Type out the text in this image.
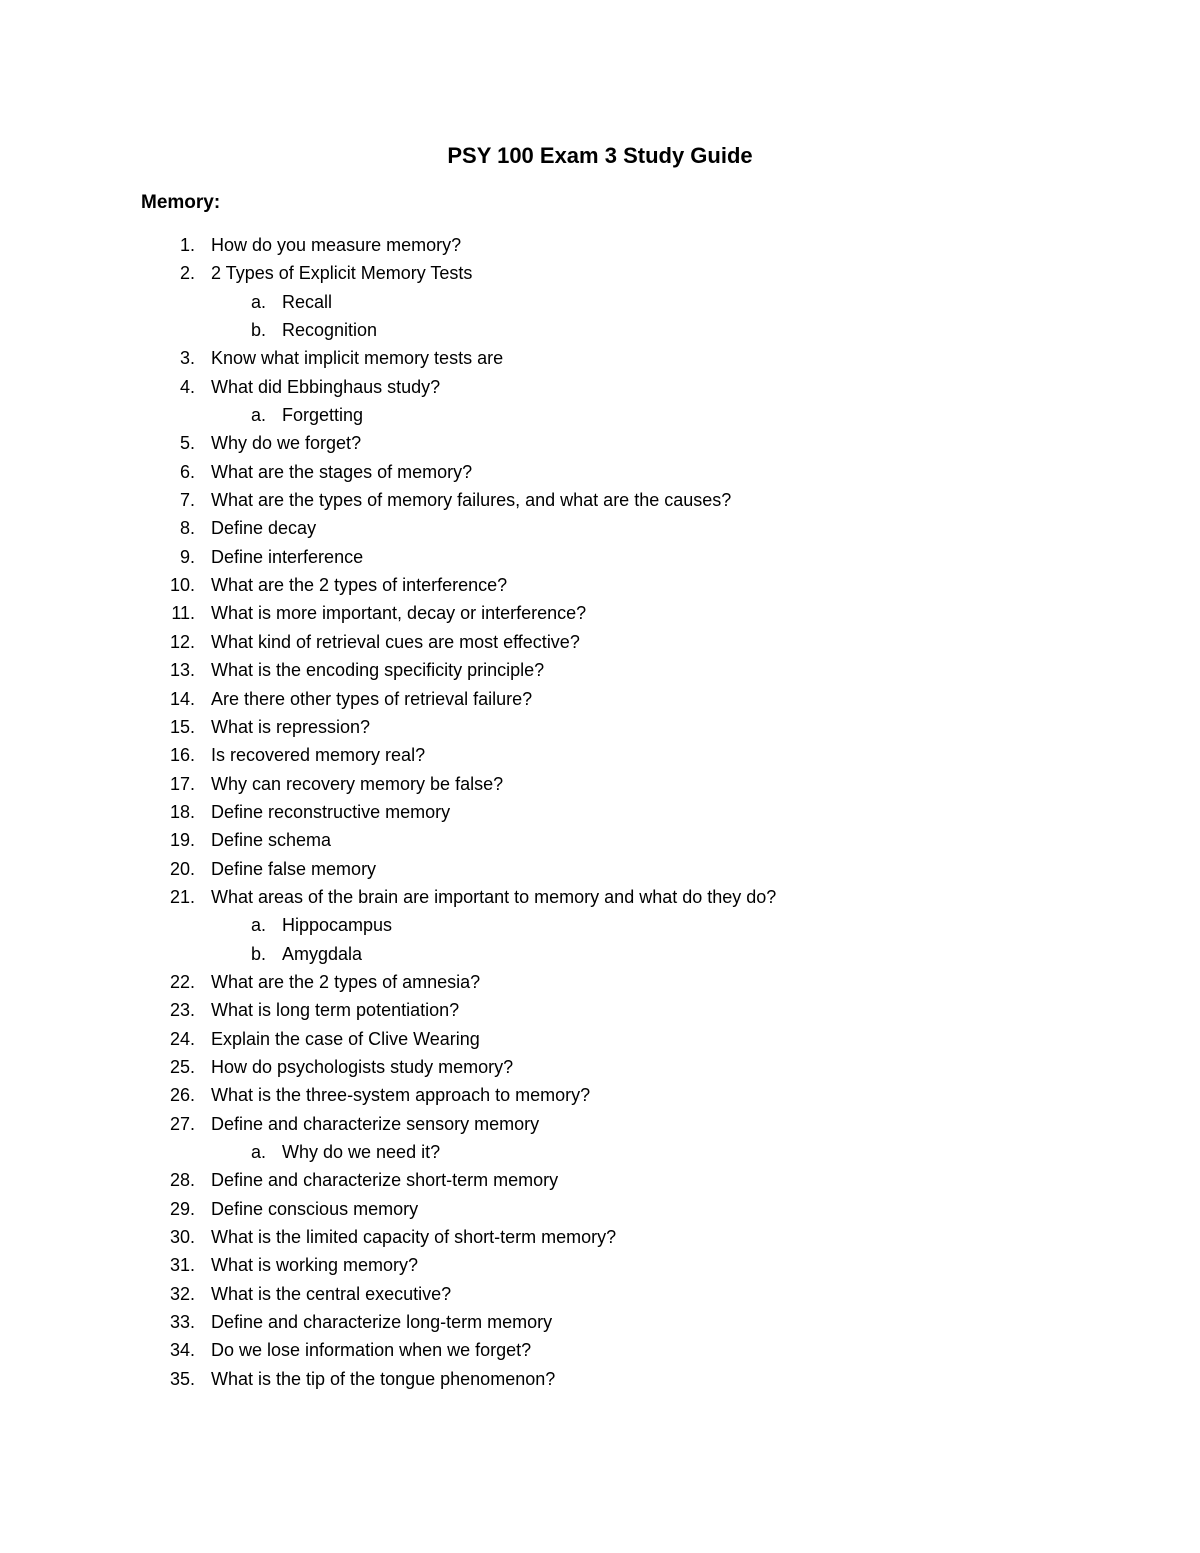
PSY 100 Exam 3 Study Guide
Memory:
1. How do you measure memory?
2. 2 Types of Explicit Memory Tests
a. Recall
b. Recognition
3. Know what implicit memory tests are
4. What did Ebbinghaus study?
a. Forgetting
5. Why do we forget?
6. What are the stages of memory?
7. What are the types of memory failures, and what are the causes?
8. Define decay
9. Define interference
10. What are the 2 types of interference?
11. What is more important, decay or interference?
12. What kind of retrieval cues are most effective?
13. What is the encoding specificity principle?
14. Are there other types of retrieval failure?
15. What is repression?
16. Is recovered memory real?
17. Why can recovery memory be false?
18. Define reconstructive memory
19. Define schema
20. Define false memory
21. What areas of the brain are important to memory and what do they do?
a. Hippocampus
b. Amygdala
22. What are the 2 types of amnesia?
23. What is long term potentiation?
24. Explain the case of Clive Wearing
25. How do psychologists study memory?
26. What is the three-system approach to memory?
27. Define and characterize sensory memory
a. Why do we need it?
28. Define and characterize short-term memory
29. Define conscious memory
30. What is the limited capacity of short-term memory?
31. What is working memory?
32. What is the central executive?
33. Define and characterize long-term memory
34. Do we lose information when we forget?
35. What is the tip of the tongue phenomenon?
